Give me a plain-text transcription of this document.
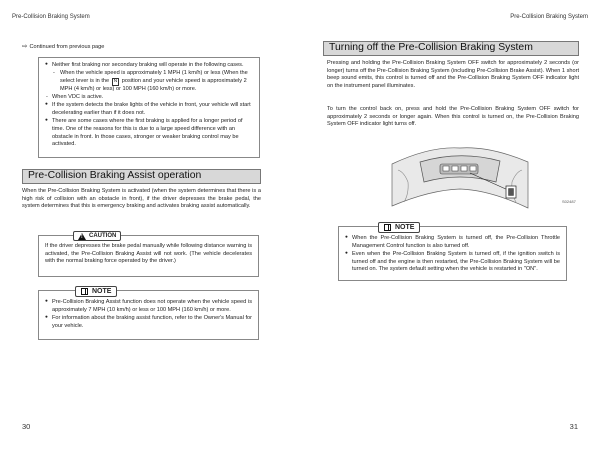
Pre-Collision Braking System
⇨ Continued from previous page
● Neither first braking nor secondary braking will operate in the following cases.
- When the vehicle speed is approximately 1 MPH (1 km/h) or less (When the select lever is in the N position and your vehicle speed is approximately 2 MPH (4 km/h) or less) or 100 MPH (160 km/h) or more.
- When VDC is active.
● If the system detects the brake lights of the vehicle in front, your vehicle will start decelerating earlier than if it does not.
● There are some cases where the first braking is applied for a longer period of time. One of the reasons for this is due to a large speed difference with an obstacle in front. In those cases, stronger or weaker braking control may be activated.
30
Pre-Collision Braking Assist operation
When the Pre-Collision Braking System is activated (when the system determines that there is a high risk of collision with an obstacle in front), if the driver depresses the brake pedal, the system determines that this is emergency braking and activates braking assist automatically.
!
CAUTION
If the driver depresses the brake pedal manually while following distance warning is activated, the Pre-Collision Braking Assist will not work. (The vehicle decelerates with the normal braking force operated by the driver.)
NOTE
● Pre-Collision Braking Assist function does not operate when the vehicle speed is approximately 7 MPH (10 km/h) or less or 100 MPH (160 km/h) or more.
● For information about the braking assist function, refer to the Owner's Manual for your vehicle.
Pre-Collision Braking System
31
Turning off the Pre-Collision Braking System
Pressing and holding the Pre-Collision Braking System OFF switch for approximately 2 seconds (or longer) turns off the Pre-Collision Braking System (including Pre-Collision Brake Assist). When 1 short beep sound emits, this control is turned off and the Pre-Collision Braking System OFF indicator light on the instrument panel illuminates.
To turn the control back on, press and hold the Pre-Collision Braking System OFF switch for approximately 2 seconds or longer again. When this control is turned on, the Pre-Collision Braking System OFF indicator light turns off.
S02487
NOTE
● When the Pre-Collision Braking System is turned off, the Pre-Collision Throttle Management Control function is also turned off.
● Even when the Pre-Collision Braking System is turned off, if the ignition switch is turned off and the engine is then restarted, the Pre-Collision Braking System will be turned on. The system default setting when the vehicle is restarted in "ON".
